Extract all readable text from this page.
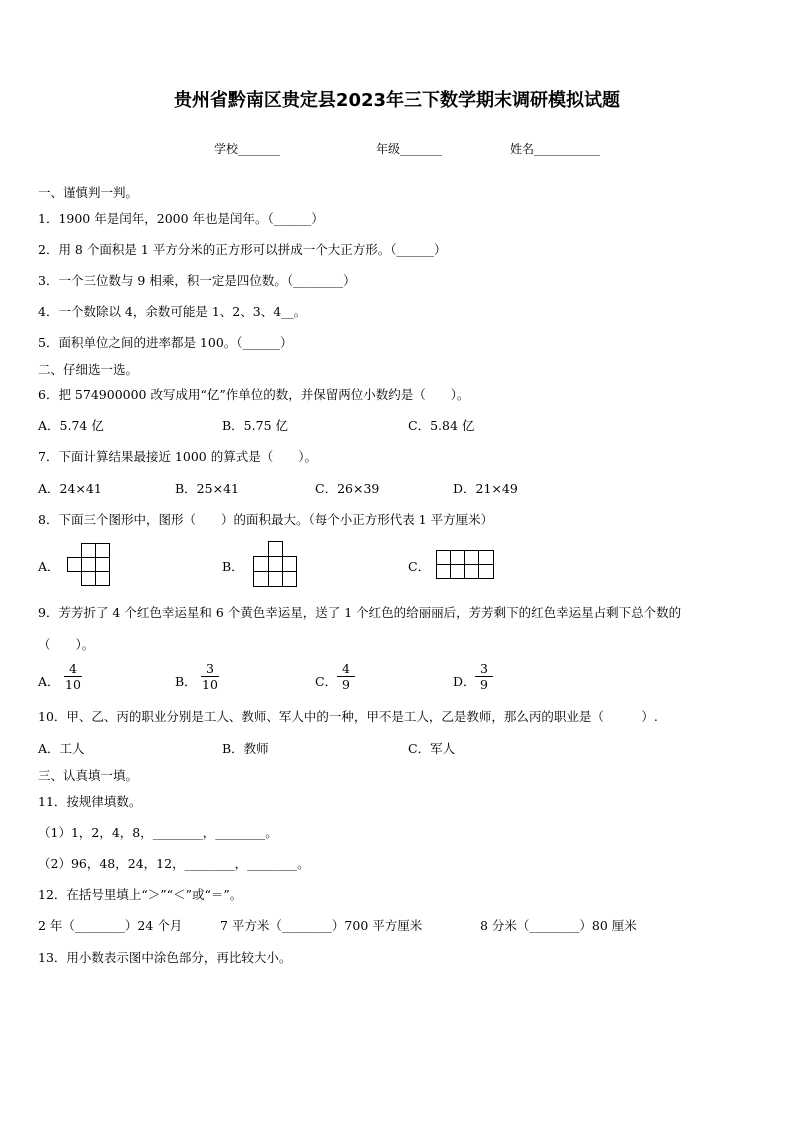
贵州省黔南区贵定县2023年三下数学期末调研模拟试题
学校_______	年级_______	姓名___________
一、谨慎判一判。
1．1900 年是闰年，2000 年也是闰年。（______）
2．用 8 个面积是 1 平方分米的正方形可以拼成一个大正方形。（______）
3．一个三位数与 9 相乘，积一定是四位数。（________）
4．一个数除以 4，余数可能是 1、2、3、4__。
5．面积单位之间的进率都是 100。（______）
二、仔细选一选。
6．把 574900000 改写成用“亿”作单位的数，并保留两位小数约是（　　）。
A．5.74 亿	B．5.75 亿	C．5.84 亿
7．下面计算结果最接近 1000 的算式是（　　）。
A．24×41	B．25×41	C．26×39	D．21×49
8．下面三个图形中，图形（　　）的面积最大。（每个小正方形代表 1 平方厘米）
A．	B．	C．
9．芳芳折了 4 个红色幸运星和 6 个黄色幸运星，送了 1 个红色的给丽丽后，芳芳剩下的红色幸运星占剩下总个数的
（　　）。
A． $\frac{4}{10}$	B． $\frac{3}{10}$	C． $\frac{4}{9}$	D． $\frac{3}{9}$
10．甲、乙、丙的职业分别是工人、教师、军人中的一种，甲不是工人，乙是教师，那么丙的职业是（　　　）.
A．工人	B．教师	C．军人
三、认真填一填。
11．按规律填数。
（1）1，2，4，8，________，________。
（2）96，48，24，12，________，________。
12．在括号里填上“＞”“＜”或“＝”。
2 年（________）24 个月	7 平方米（________）700 平方厘米	8 分米（________）80 厘米
13．用小数表示图中涂色部分，再比较大小。
